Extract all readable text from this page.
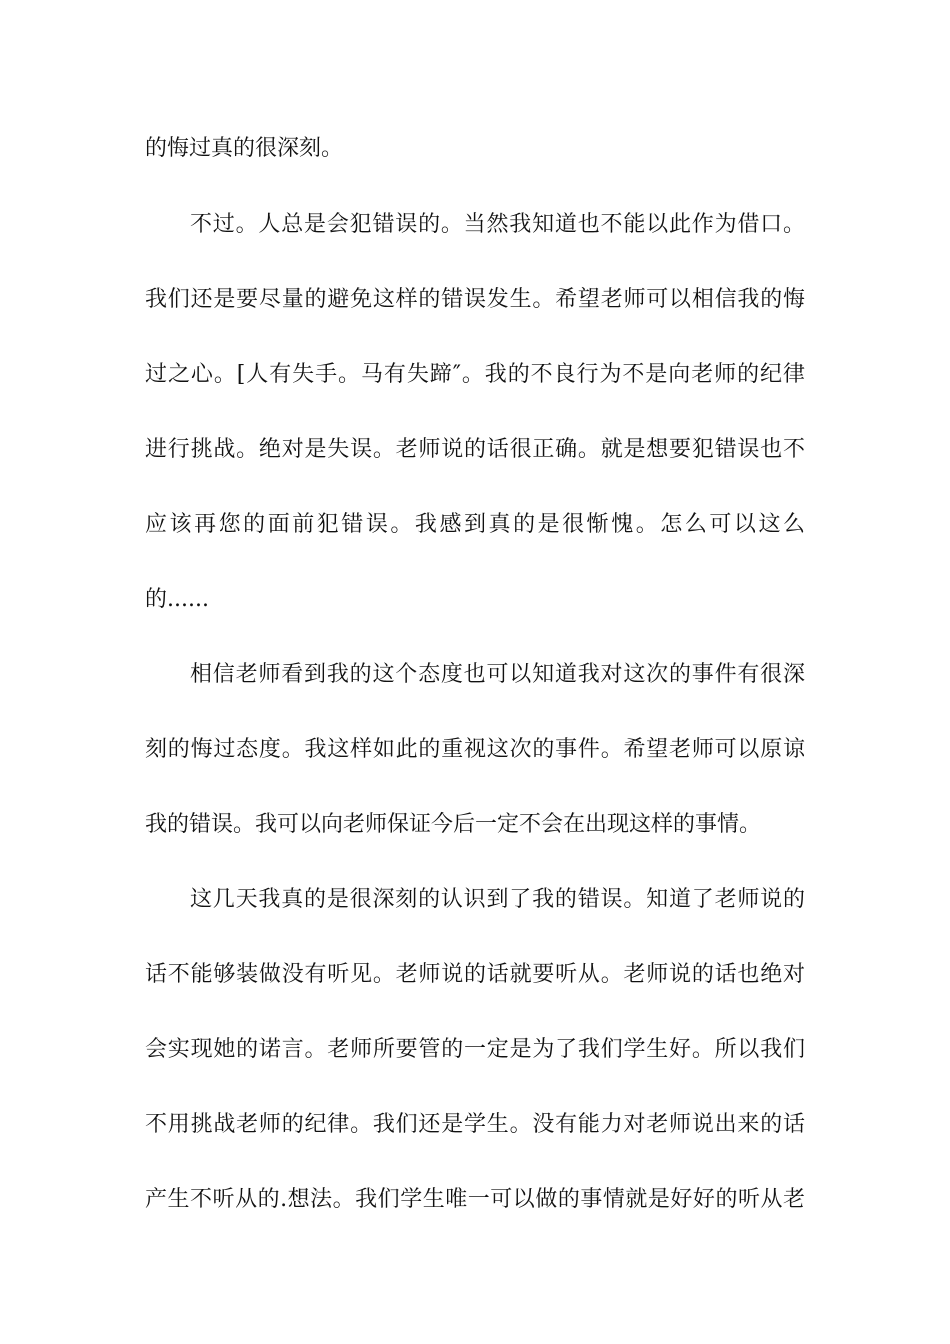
的悔过真的很深刻。
不过。人总是会犯错误的。当然我知道也不能以此作为借口。
我们还是要尽量的避免这样的错误发生。希望老师可以相信我的悔
过之心。[人有失手。马有失蹄″。我的不良行为不是向老师的纪律
进行挑战。绝对是失误。老师说的话很正确。就是想要犯错误也不
应该再您的面前犯错误。我感到真的是很惭愧。怎么可以这么
的......
相信老师看到我的这个态度也可以知道我对这次的事件有很深
刻的悔过态度。我这样如此的重视这次的事件。希望老师可以原谅
我的错误。我可以向老师保证今后一定不会在出现这样的事情。
这几天我真的是很深刻的认识到了我的错误。知道了老师说的
话不能够装做没有听见。老师说的话就要听从。老师说的话也绝对
会实现她的诺言。老师所要管的一定是为了我们学生好。所以我们
不用挑战老师的纪律。我们还是学生。没有能力对老师说出来的话
产生不听从的.想法。我们学生唯一可以做的事情就是好好的听从老
